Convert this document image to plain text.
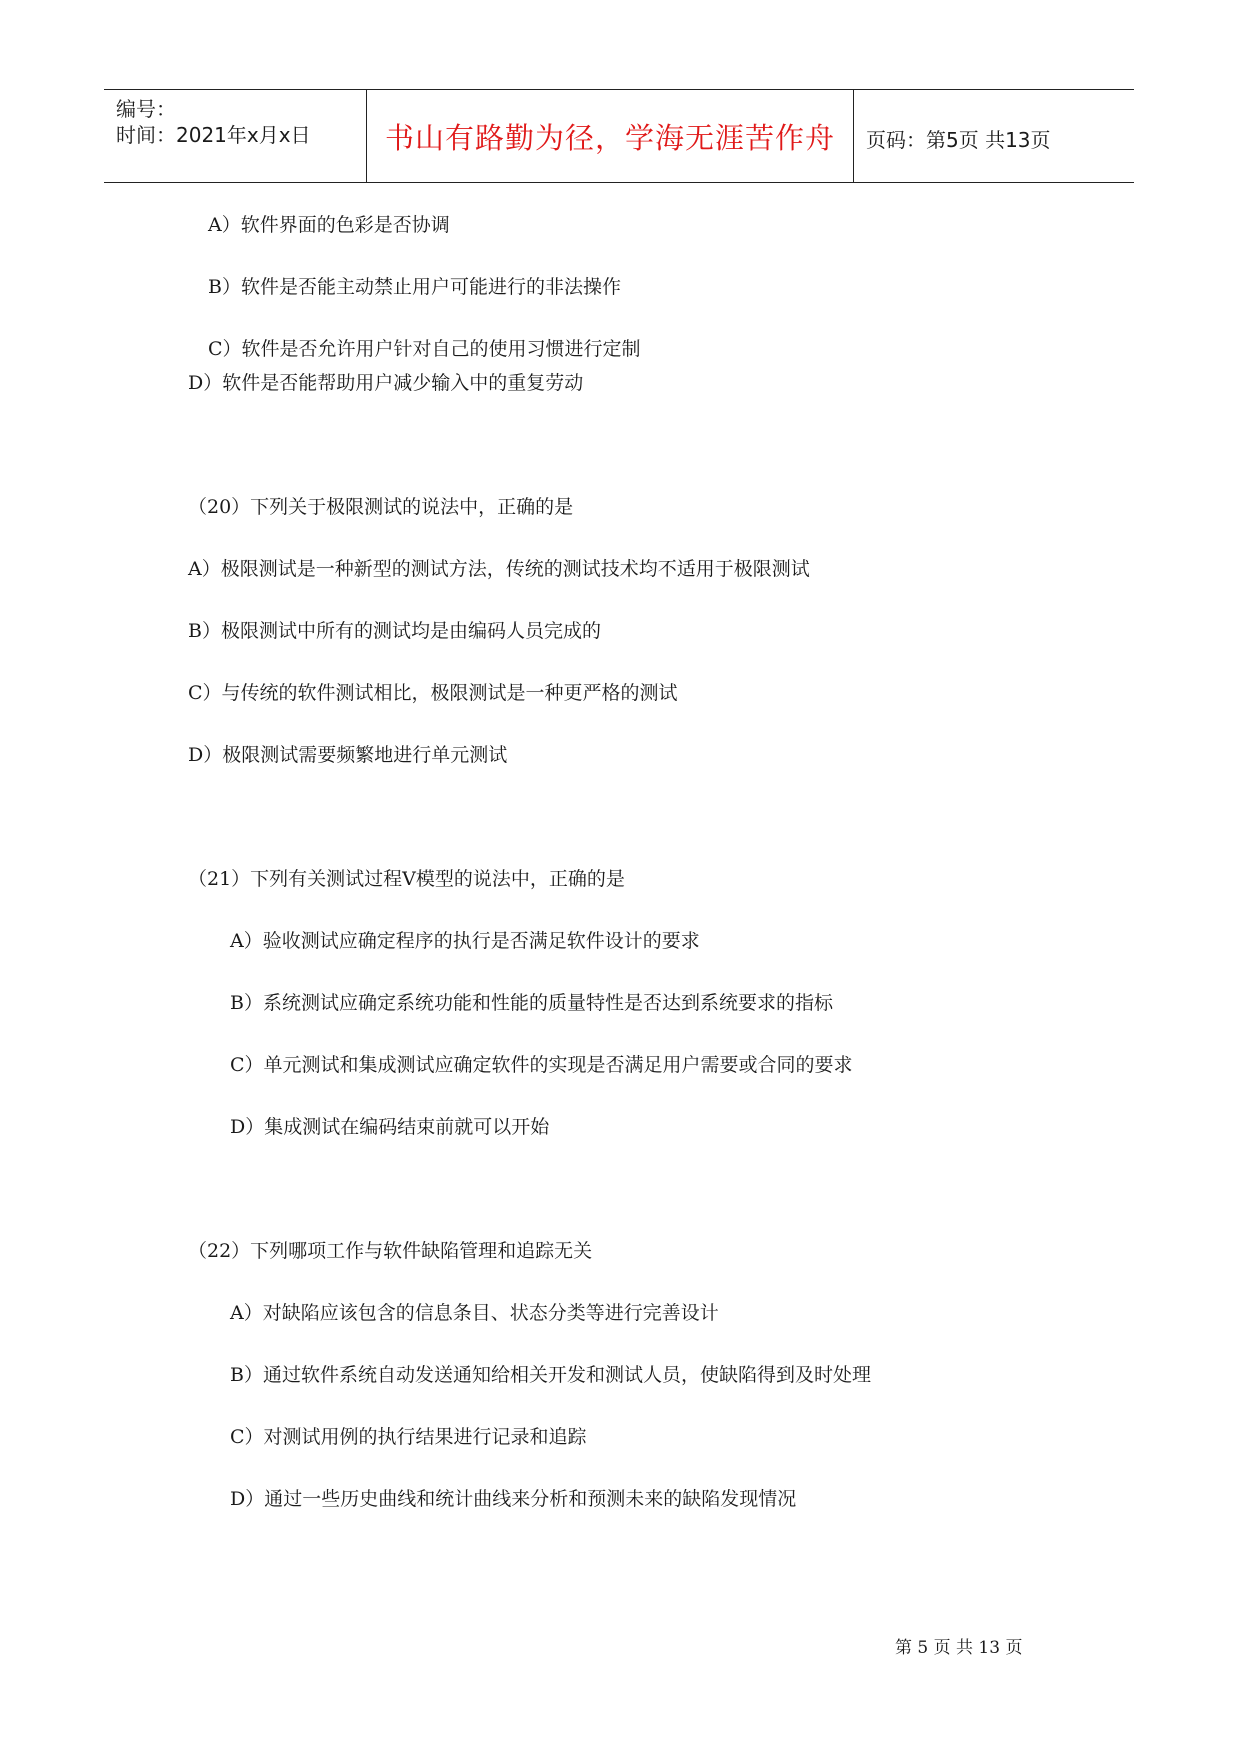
编号：
时间：2021年x月x日	书山有路勤为径，学海无涯苦作舟 页码：第5页 共13页
A）软件界面的色彩是否协调
B）软件是否能主动禁止用户可能进行的非法操作
C）软件是否允许用户针对自己的使用习惯进行定制
D）软件是否能帮助用户减少输入中的重复劳动
（20）下列关于极限测试的说法中，正确的是
A）极限测试是一种新型的测试方法，传统的测试技术均不适用于极限测试
B）极限测试中所有的测试均是由编码人员完成的
C）与传统的软件测试相比，极限测试是一种更严格的测试
D）极限测试需要频繁地进行单元测试
（21）下列有关测试过程V模型的说法中，正确的是
A）验收测试应确定程序的执行是否满足软件设计的要求
B）系统测试应确定系统功能和性能的质量特性是否达到系统要求的指标
C）单元测试和集成测试应确定软件的实现是否满足用户需要或合同的要求
D）集成测试在编码结束前就可以开始
（22）下列哪项工作与软件缺陷管理和追踪无关
A）对缺陷应该包含的信息条目、状态分类等进行完善设计
B）通过软件系统自动发送通知给相关开发和测试人员，使缺陷得到及时处理
C）对测试用例的执行结果进行记录和追踪
D）通过一些历史曲线和统计曲线来分析和预测未来的缺陷发现情况
第 5 页 共 13 页
